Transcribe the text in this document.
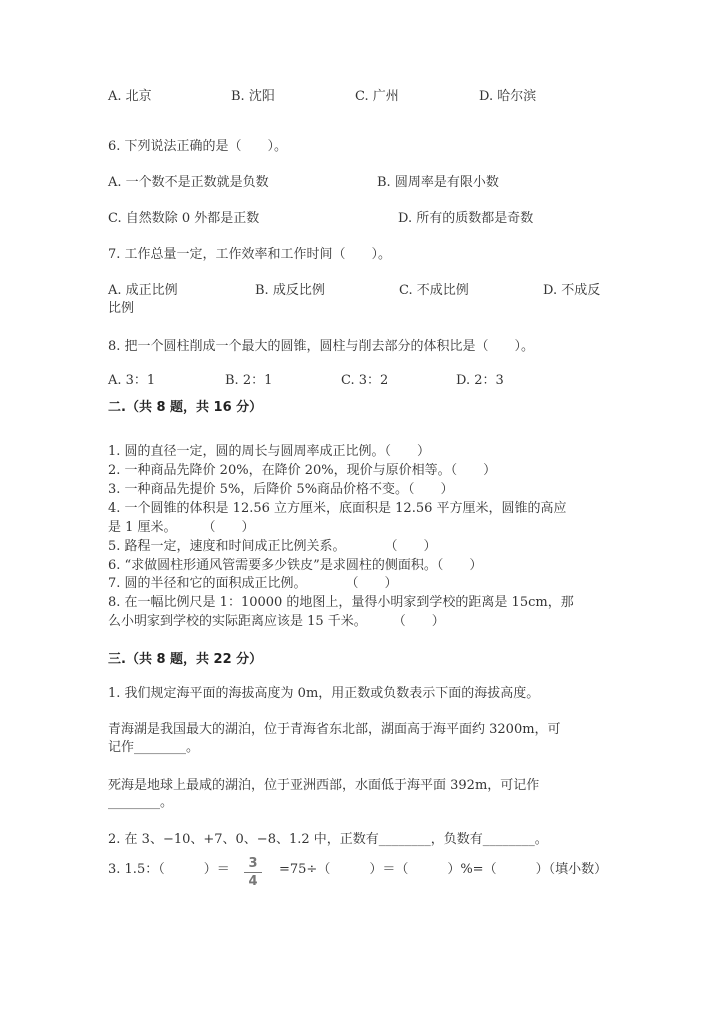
A. 北京	B. 沈阳	C. 广州	D. 哈尔滨
6. 下列说法正确的是（　　）。
A. 一个数不是正数就是负数	B. 圆周率是有限小数
C. 自然数除 0 外都是正数	D. 所有的质数都是奇数
7. 工作总量一定，工作效率和工作时间（　　）。
A. 成正比例	B. 成反比例	C. 不成比例	D. 不成反
比例
8. 把一个圆柱削成一个最大的圆锥，圆柱与削去部分的体积比是（　　）。
A. 3：1	B. 2：1	C. 3：2	D. 2：3
二.（共 8 题，共 16 分）
1. 圆的直径一定，圆的周长与圆周率成正比例。（　　）
2. 一种商品先降价 20%，在降价 20%，现价与原价相等。（　　）
3. 一种商品先提价 5%，后降价 5%商品价格不变。（　　）
4. 一个圆锥的体积是 12.56 立方厘米，底面积是 12.56 平方厘米，圆锥的高应
是 1 厘米。　　　（　　）
5. 路程一定，速度和时间成正比例关系。　　　　（　　）
6. “求做圆柱形通风管需要多少铁皮”是求圆柱的侧面积。（　　）
7. 圆的半径和它的面积成正比例。　　　　（　　）
8. 在一幅比例尺是 1：10000 的地图上，量得小明家到学校的距离是 15cm，那
么小明家到学校的实际距离应该是 15 千米。　　　（　　）
三.（共 8 题，共 22 分）
1. 我们规定海平面的海拔高度为 0m，用正数或负数表示下面的海拔高度。
青海湖是我国最大的湖泊，位于青海省东北部，湖面高于海平面约 3200m，可
记作________。
死海是地球上最咸的湖泊，位于亚洲西部，水面低于海平面 392m，可记作
________。
2. 在 3、−10、+7、0、−8、1.2 中，正数有________，负数有________。
3. 1.5：（　　　）＝	3
4
=75÷（　　　）＝（　　　）%=（　　　）（填小数）
